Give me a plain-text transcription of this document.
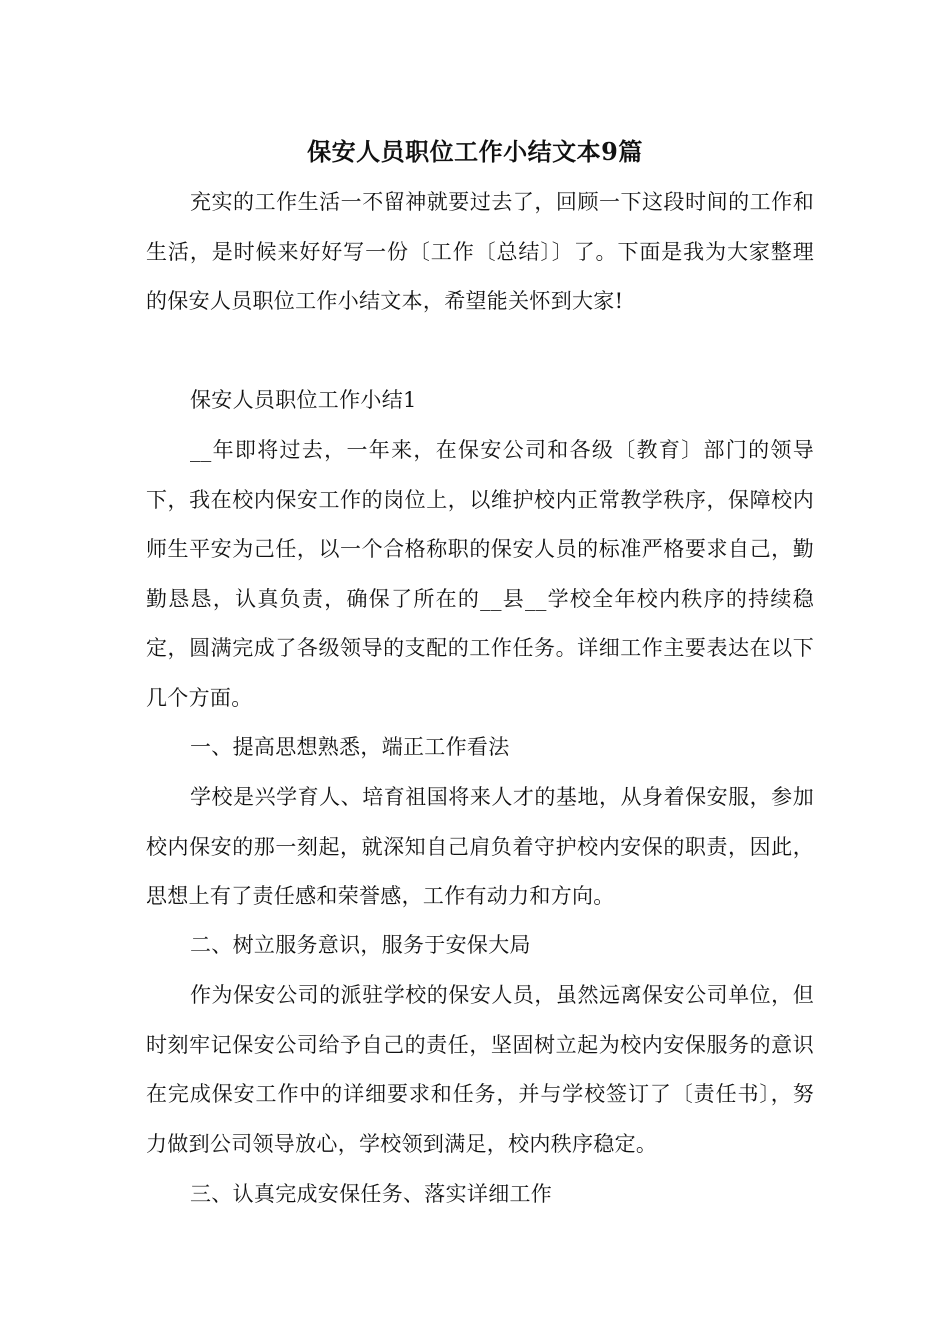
保安人员职位工作小结文本9篇

充实的工作生活一不留神就要过去了，回顾一下这段时间的工作和生活，是时候来好好写一份〔工作〔总结〕〕了。下面是我为大家整理的保安人员职位工作小结文本，希望能关怀到大家!

保安人员职位工作小结1

__年即将过去，一年来，在保安公司和各级〔教育〕部门的领导下，我在校内保安工作的岗位上，以维护校内正常教学秩序，保障校内师生平安为己任，以一个合格称职的保安人员的标准严格要求自己，勤勤恳恳，认真负责，确保了所在的__县__学校全年校内秩序的持续稳定，圆满完成了各级领导的支配的工作任务。详细工作主要表达在以下几个方面。

一、提高思想熟悉，端正工作看法

学校是兴学育人、培育祖国将来人才的基地，从身着保安服，参加校内保安的那一刻起，就深知自己肩负着守护校内安保的职责，因此，思想上有了责任感和荣誉感，工作有动力和方向。

二、树立服务意识，服务于安保大局

作为保安公司的派驻学校的保安人员，虽然远离保安公司单位，但时刻牢记保安公司给予自己的责任，坚固树立起为校内安保服务的意识在完成保安工作中的详细要求和任务，并与学校签订了〔责任书〕，努力做到公司领导放心，学校领到满足，校内秩序稳定。

三、认真完成安保任务、落实详细工作
